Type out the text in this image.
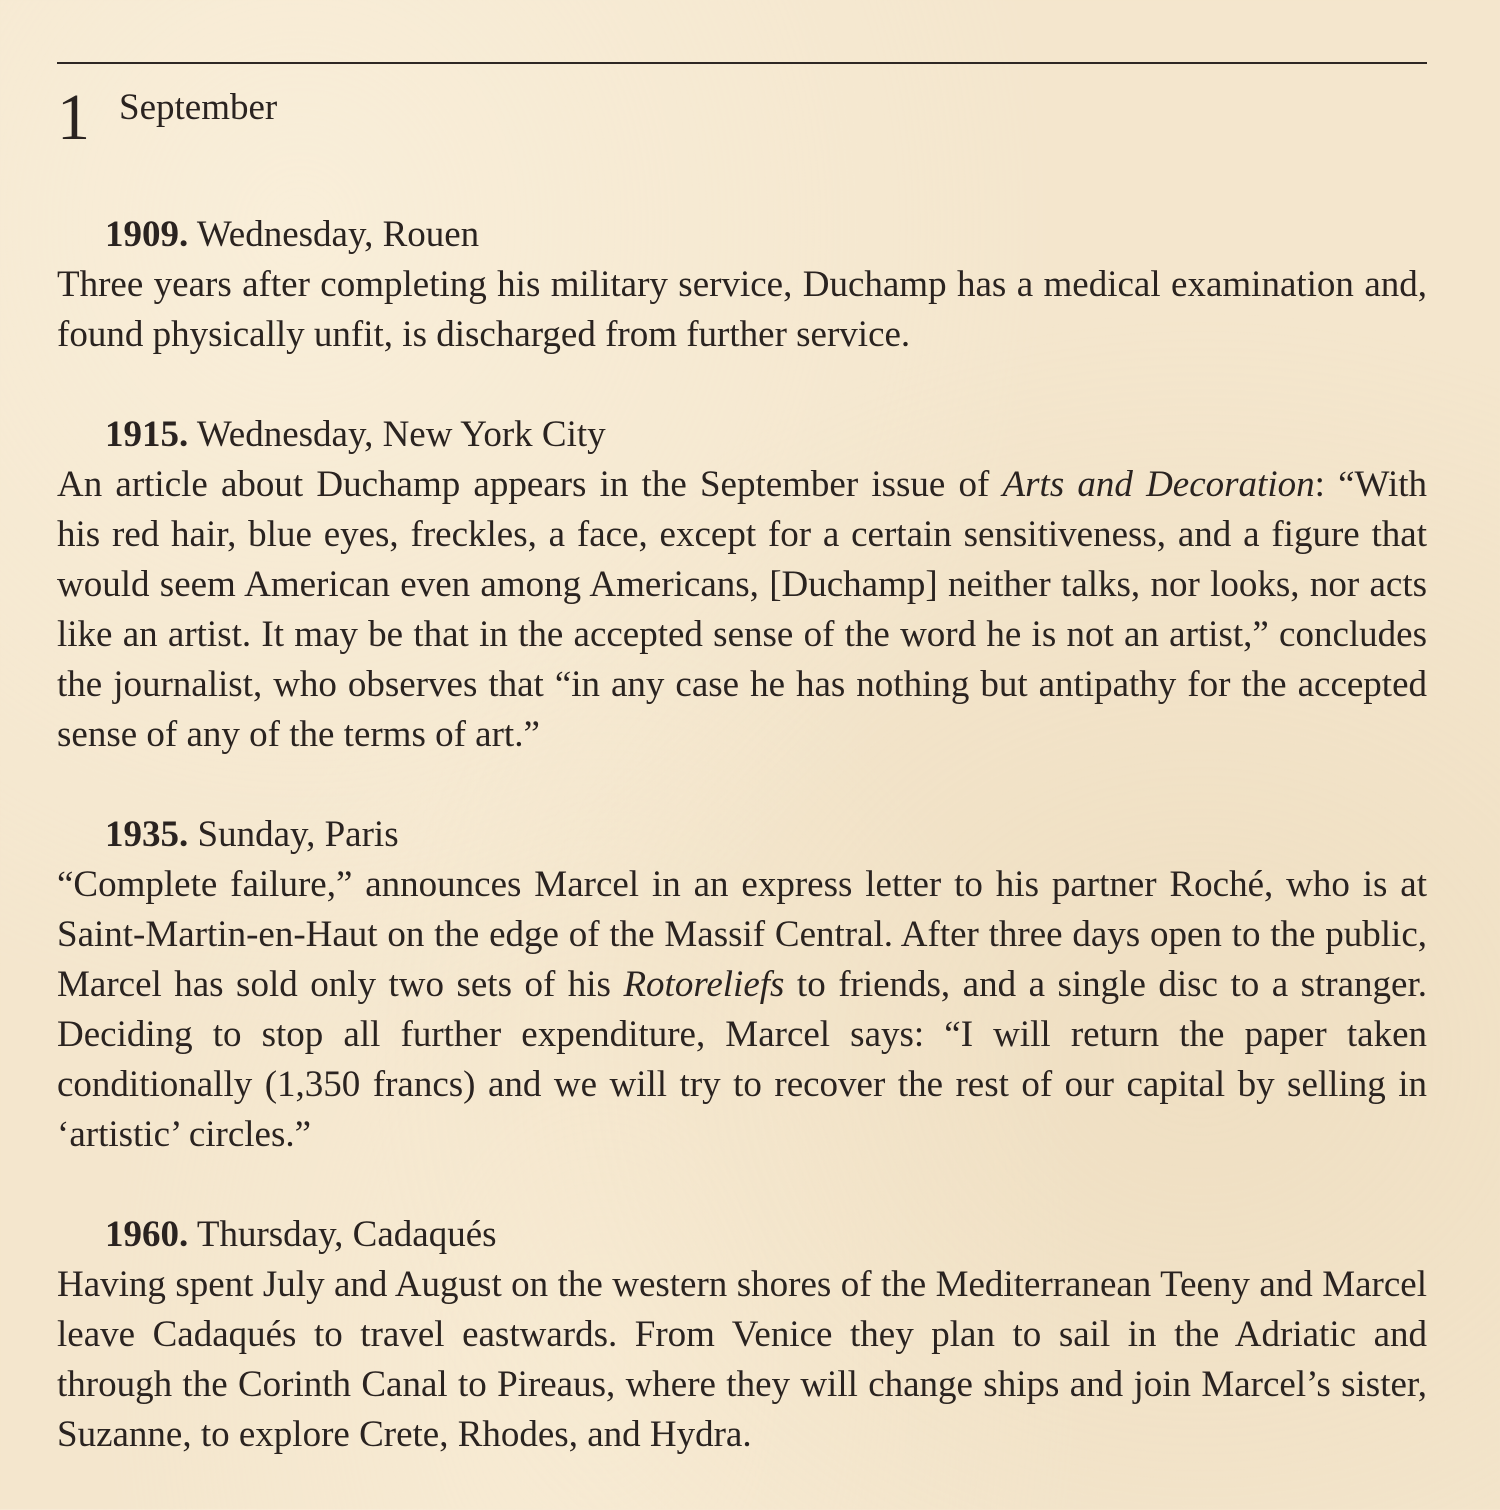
1 September
1909. Wednesday, Rouen
Three years after completing his military service, Duchamp has a medical examination and, found physically unfit, is discharged from further service.
1915. Wednesday, New York City
An article about Duchamp appears in the September issue of Arts and Decoration: “With his red hair, blue eyes, freckles, a face, except for a certain sensitiveness, and a figure that would seem American even among Americans, [Duchamp] neither talks, nor looks, nor acts like an artist. It may be that in the accepted sense of the word he is not an artist,” concludes the journalist, who observes that “in any case he has nothing but antipathy for the accepted sense of any of the terms of art.”
1935. Sunday, Paris
“Complete failure,” announces Marcel in an express letter to his partner Roché, who is at Saint-Martin-en-Haut on the edge of the Massif Central. After three days open to the public, Marcel has sold only two sets of his Rotoreliefs to friends, and a single disc to a stranger. Deciding to stop all further expenditure, Marcel says: “I will return the paper taken conditionally (1,350 francs) and we will try to recover the rest of our capital by selling in ‘artistic’ circles.”
1960. Thursday, Cadaqués
Having spent July and August on the western shores of the Mediterranean Teeny and Marcel leave Cadaqués to travel eastwards. From Venice they plan to sail in the Adriatic and through the Corinth Canal to Pireaus, where they will change ships and join Marcel’s sister, Suzanne, to explore Crete, Rhodes, and Hydra.
